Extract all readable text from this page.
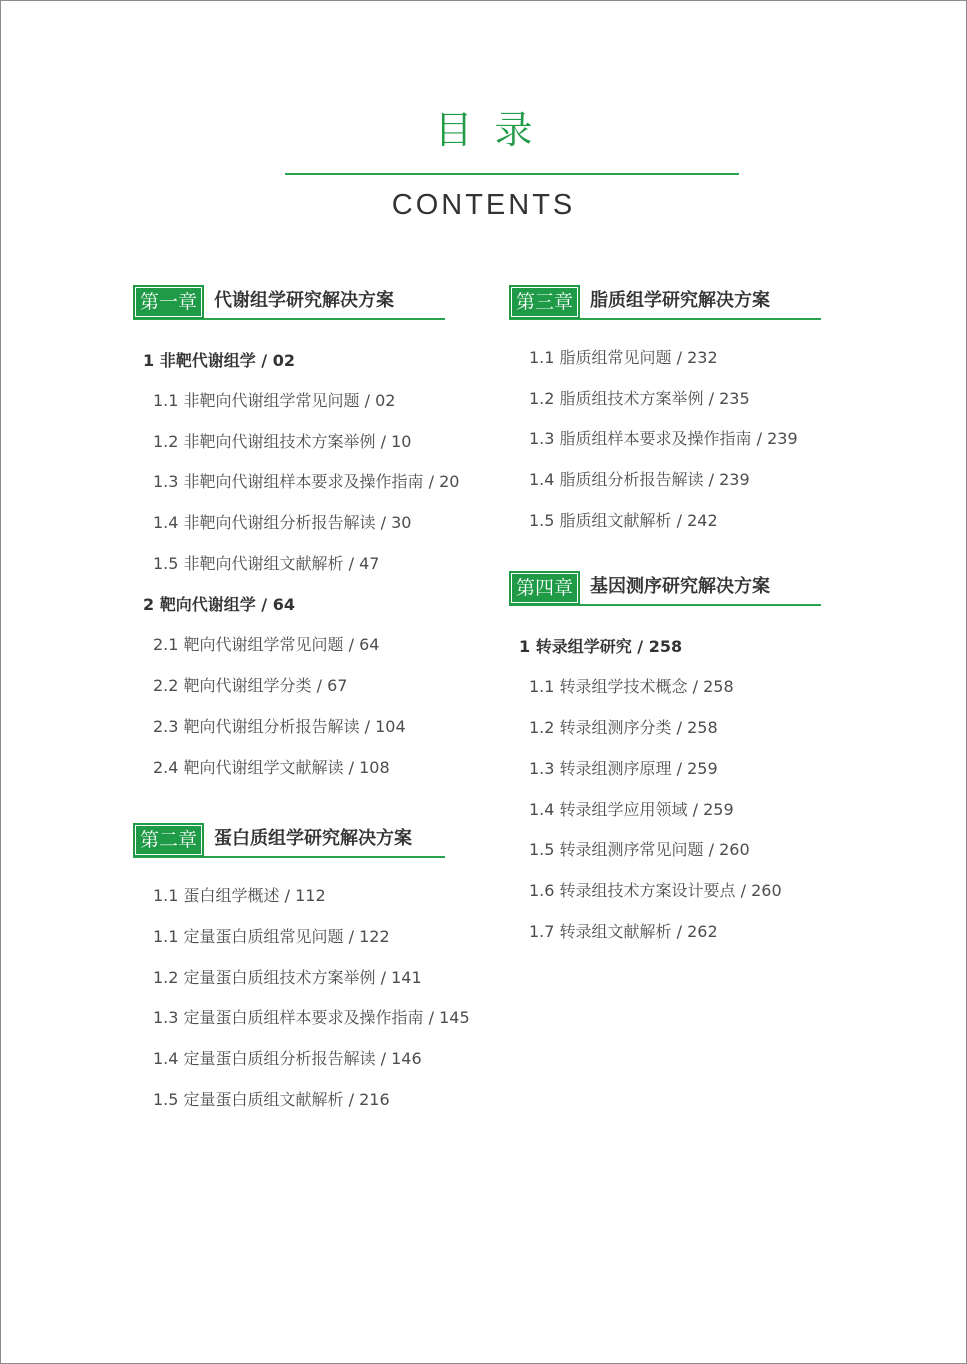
目录
CONTENTS
第一章 代谢组学研究解决方案
1 非靶代谢组学 / 02
1.1 非靶向代谢组学常见问题 / 02
1.2 非靶向代谢组技术方案举例 / 10
1.3 非靶向代谢组样本要求及操作指南 / 20
1.4 非靶向代谢组分析报告解读 / 30
1.5 非靶向代谢组文献解析 / 47
2 靶向代谢组学 / 64
2.1 靶向代谢组学常见问题 / 64
2.2 靶向代谢组学分类 / 67
2.3 靶向代谢组分析报告解读 / 104
2.4 靶向代谢组学文献解读 / 108
第二章 蛋白质组学研究解决方案
1.1 蛋白组学概述 / 112
1.1 定量蛋白质组常见问题 / 122
1.2 定量蛋白质组技术方案举例 / 141
1.3 定量蛋白质组样本要求及操作指南 / 145
1.4 定量蛋白质组分析报告解读 / 146
1.5 定量蛋白质组文献解析 / 216
第三章 脂质组学研究解决方案
1.1 脂质组常见问题 / 232
1.2 脂质组技术方案举例 / 235
1.3 脂质组样本要求及操作指南 / 239
1.4 脂质组分析报告解读 / 239
1.5 脂质组文献解析 / 242
第四章 基因测序研究解决方案
1 转录组学研究 / 258
1.1 转录组学技术概念 / 258
1.2 转录组测序分类 / 258
1.3 转录组测序原理 / 259
1.4 转录组学应用领域 / 259
1.5 转录组测序常见问题 / 260
1.6 转录组技术方案设计要点 / 260
1.7 转录组文献解析 / 262
